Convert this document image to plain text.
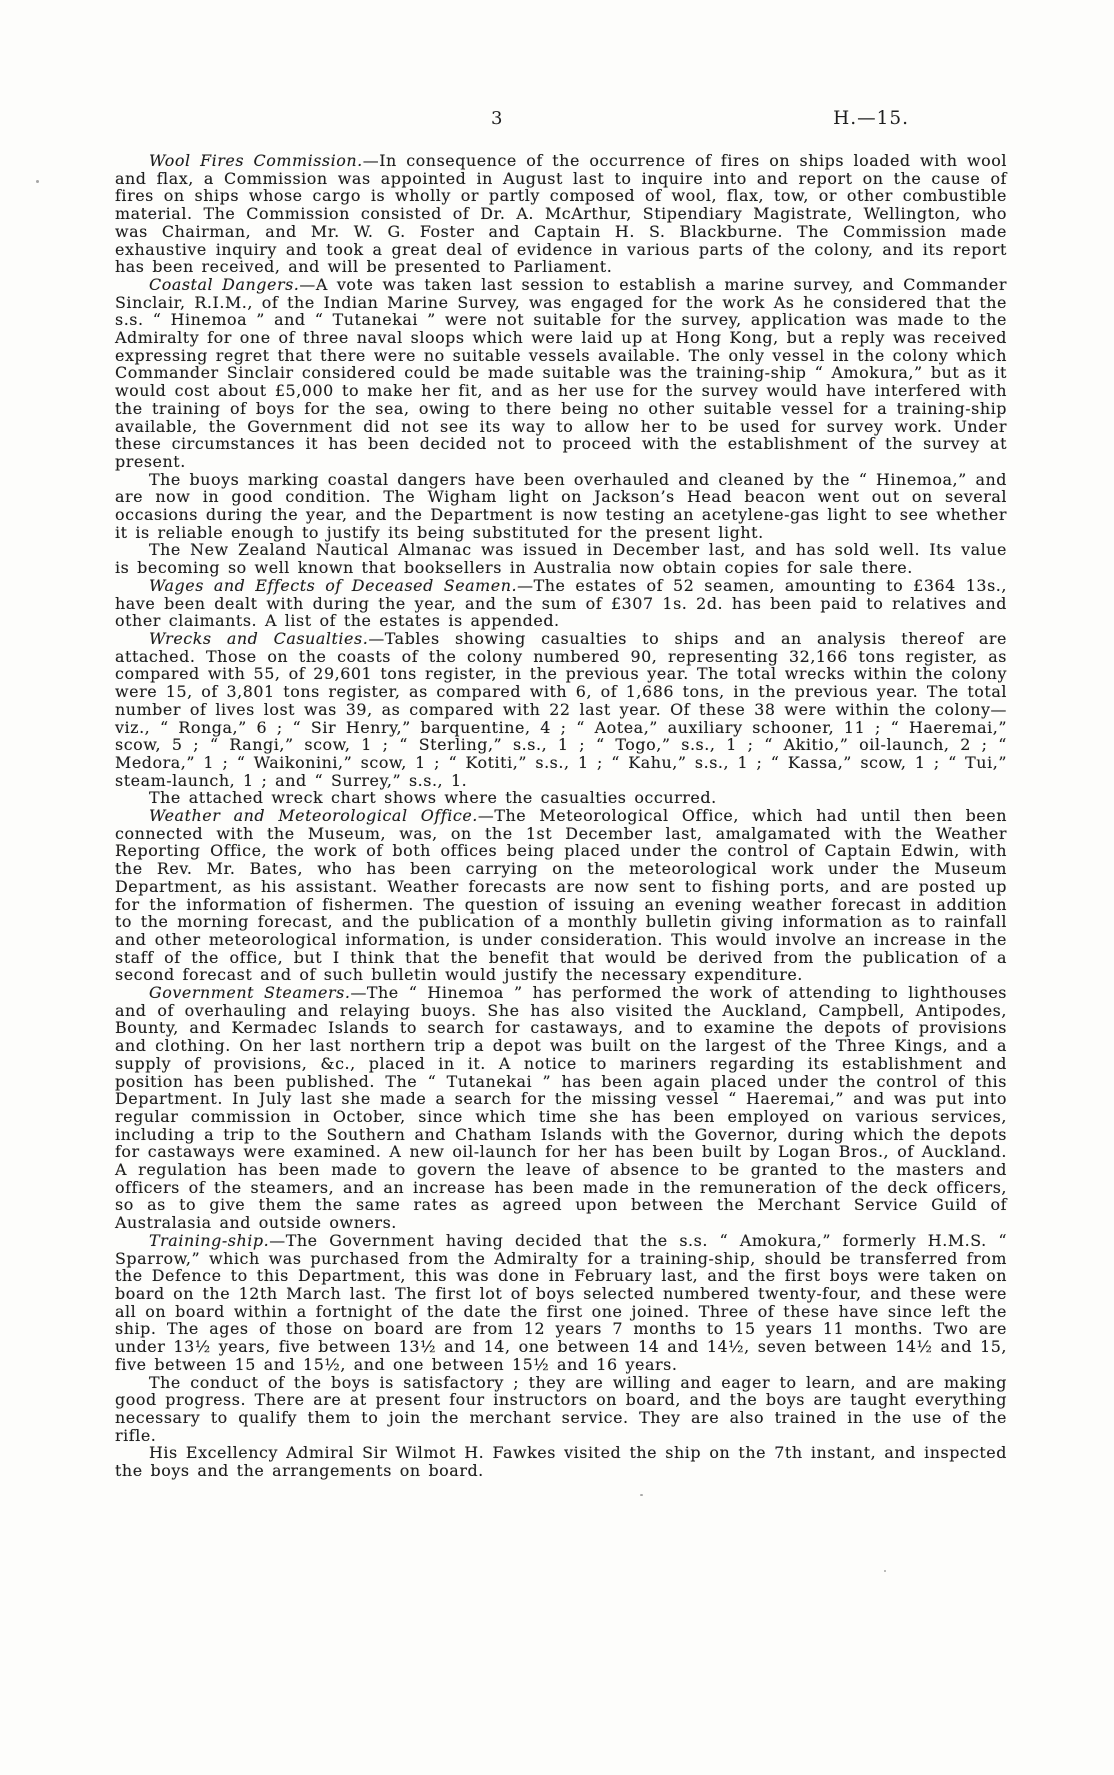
3	H.—15.

Wool Fires Commission.—In consequence of the occurrence of fires on ships loaded with wool and flax, a Commission was appointed in August last to inquire into and report on the cause of fires on ships whose cargo is wholly or partly composed of wool, flax, tow, or other combustible material. The Commission consisted of Dr. A. McArthur, Stipendiary Magistrate, Wellington, who was Chairman, and Mr. W. G. Foster and Captain H. S. Blackburne. The Commission made exhaustive inquiry and took a great deal of evidence in various parts of the colony, and its report has been received, and will be presented to Parliament.

Coastal Dangers.—A vote was taken last session to establish a marine survey, and Commander Sinclair, R.I.M., of the Indian Marine Survey, was engaged for the work As he considered that the s.s. “ Hinemoa ” and “ Tutanekai ” were not suitable for the survey, application was made to the Admiralty for one of three naval sloops which were laid up at Hong Kong, but a reply was received expressing regret that there were no suitable vessels available. The only vessel in the colony which Commander Sinclair considered could be made suitable was the training-ship “ Amokura,” but as it would cost about £5,000 to make her fit, and as her use for the survey would have interfered with the training of boys for the sea, owing to there being no other suitable vessel for a training-ship available, the Government did not see its way to allow her to be used for survey work. Under these circumstances it has been decided not to proceed with the establishment of the survey at present.

The buoys marking coastal dangers have been overhauled and cleaned by the “ Hinemoa,” and are now in good condition. The Wigham light on Jackson’s Head beacon went out on several occasions during the year, and the Department is now testing an acetylene-gas light to see whether it is reliable enough to justify its being substituted for the present light.

The New Zealand Nautical Almanac was issued in December last, and has sold well. Its value is becoming so well known that booksellers in Australia now obtain copies for sale there.

Wages and Effects of Deceased Seamen.—The estates of 52 seamen, amounting to £364 13s., have been dealt with during the year, and the sum of £307 1s. 2d. has been paid to relatives and other claimants. A list of the estates is appended.

Wrecks and Casualties.—Tables showing casualties to ships and an analysis thereof are attached. Those on the coasts of the colony numbered 90, representing 32,166 tons register, as compared with 55, of 29,601 tons register, in the previous year. The total wrecks within the colony were 15, of 3,801 tons register, as compared with 6, of 1,686 tons, in the previous year. The total number of lives lost was 39, as compared with 22 last year. Of these 38 were within the colony—viz., “ Ronga,” 6 ; “ Sir Henry,” barquentine, 4 ; “ Aotea,” auxiliary schooner, 11 ; “ Haeremai,” scow, 5 ; “ Rangi,” scow, 1 ; “ Sterling,” s.s., 1 ; “ Togo,” s.s., 1 ; “ Akitio,” oil-launch, 2 ; “ Medora,” 1 ; “ Waikonini,” scow, 1 ; “ Kotiti,” s.s., 1 ; “ Kahu,” s.s., 1 ; “ Kassa,” scow, 1 ; “ Tui,” steam-launch, 1 ; and “ Surrey,” s.s., 1.

The attached wreck chart shows where the casualties occurred.

Weather and Meteorological Office.—The Meteorological Office, which had until then been connected with the Museum, was, on the 1st December last, amalgamated with the Weather Reporting Office, the work of both offices being placed under the control of Captain Edwin, with the Rev. Mr. Bates, who has been carrying on the meteorological work under the Museum Department, as his assistant. Weather forecasts are now sent to fishing ports, and are posted up for the information of fishermen. The question of issuing an evening weather forecast in addition to the morning forecast, and the publication of a monthly bulletin giving information as to rainfall and other meteorological information, is under consideration. This would involve an increase in the staff of the office, but I think that the benefit that would be derived from the publication of a second forecast and of such bulletin would justify the necessary expenditure.

Government Steamers.—The “ Hinemoa ” has performed the work of attending to lighthouses and of overhauling and relaying buoys. She has also visited the Auckland, Campbell, Antipodes, Bounty, and Kermadec Islands to search for castaways, and to examine the depots of provisions and clothing. On her last northern trip a depot was built on the largest of the Three Kings, and a supply of provisions, &c., placed in it. A notice to mariners regarding its establishment and position has been published. The “ Tutanekai ” has been again placed under the control of this Department. In July last she made a search for the missing vessel “ Haeremai,” and was put into regular commission in October, since which time she has been employed on various services, including a trip to the Southern and Chatham Islands with the Governor, during which the depots for castaways were examined. A new oil-launch for her has been built by Logan Bros., of Auckland. A regulation has been made to govern the leave of absence to be granted to the masters and officers of the steamers, and an increase has been made in the remuneration of the deck officers, so as to give them the same rates as agreed upon between the Merchant Service Guild of Australasia and outside owners.

Training-ship.—The Government having decided that the s.s. “ Amokura,” formerly H.M.S. “ Sparrow,” which was purchased from the Admiralty for a training-ship, should be transferred from the Defence to this Department, this was done in February last, and the first boys were taken on board on the 12th March last. The first lot of boys selected numbered twenty-four, and these were all on board within a fortnight of the date the first one joined. Three of these have since left the ship. The ages of those on board are from 12 years 7 months to 15 years 11 months. Two are under 13½ years, five between 13½ and 14, one between 14 and 14½, seven between 14½ and 15, five between 15 and 15½, and one between 15½ and 16 years.

The conduct of the boys is satisfactory ; they are willing and eager to learn, and are making good progress. There are at present four instructors on board, and the boys are taught everything necessary to qualify them to join the merchant service. They are also trained in the use of the rifle.

His Excellency Admiral Sir Wilmot H. Fawkes visited the ship on the 7th instant, and inspected the boys and the arrangements on board.
